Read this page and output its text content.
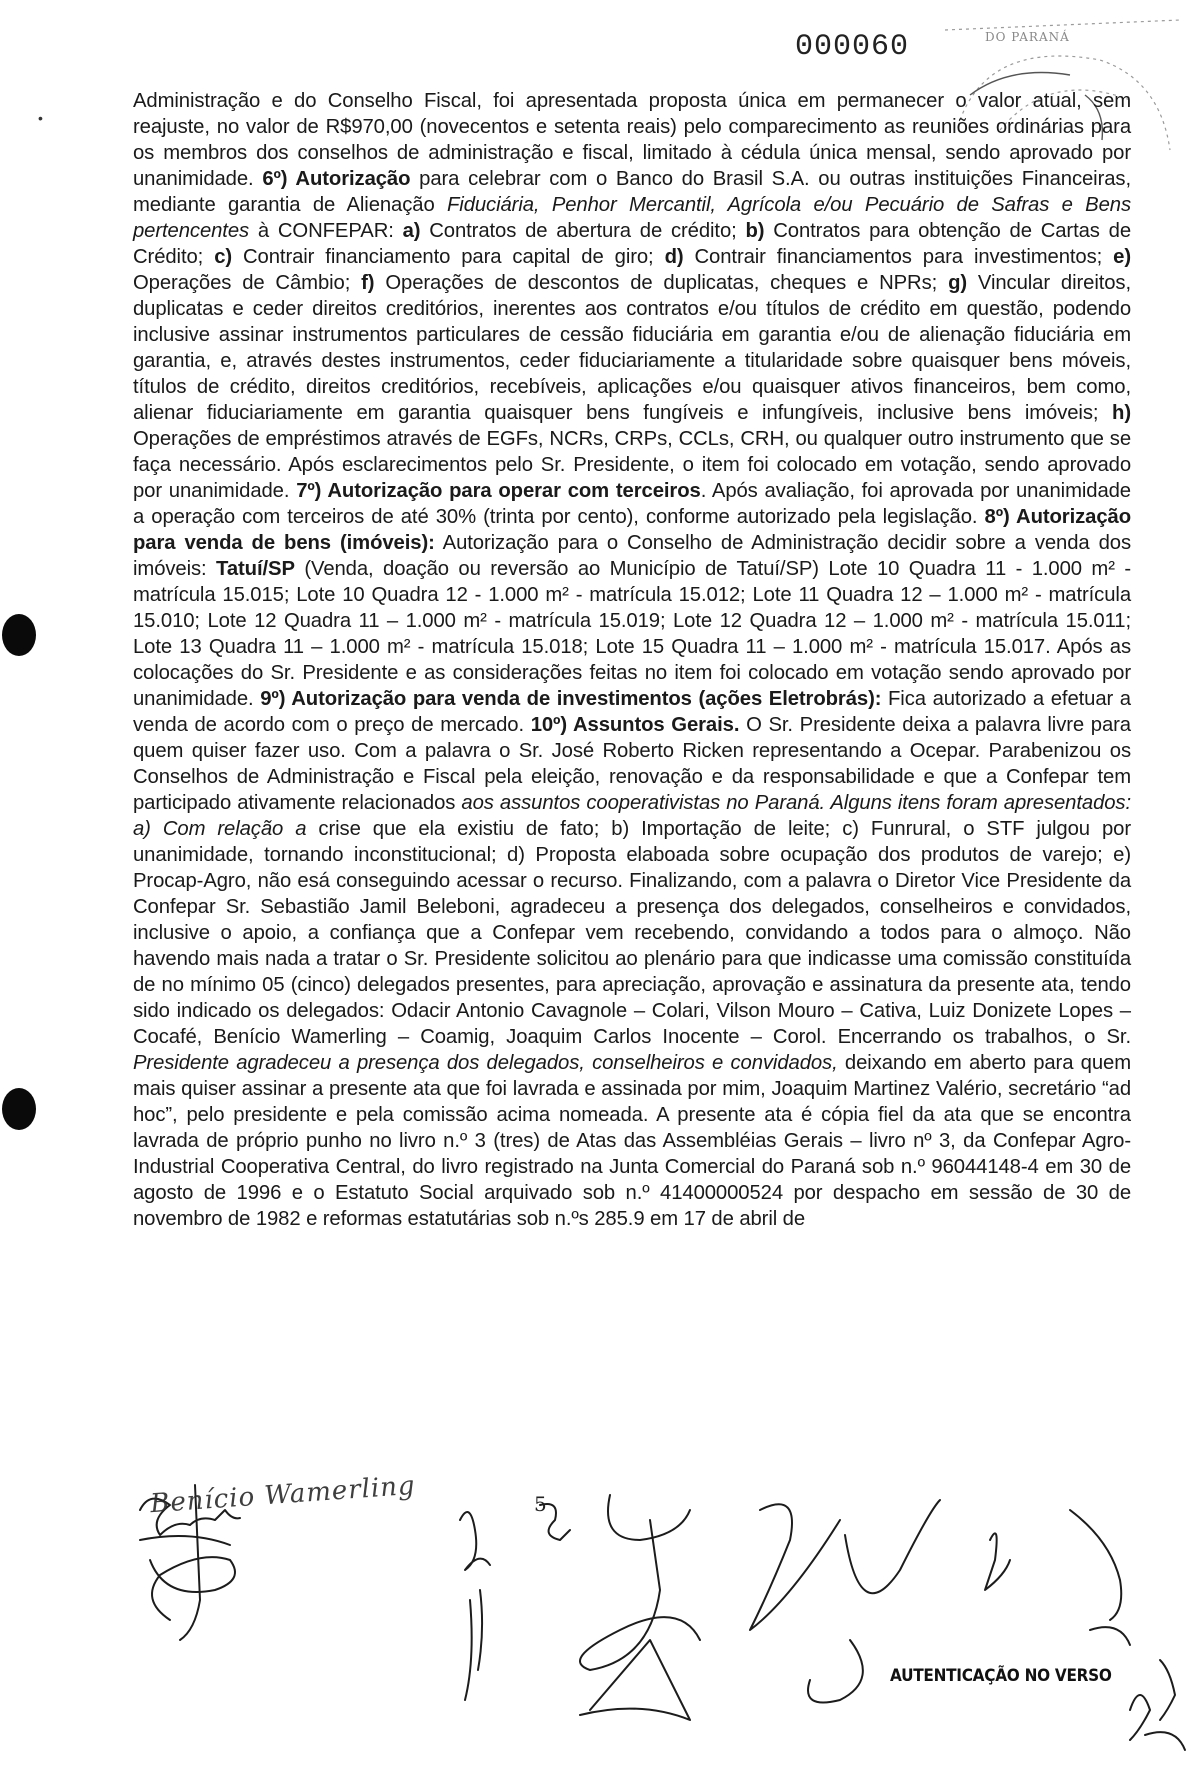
000060	DO PARANÁ
•
Administração e do Conselho Fiscal, foi apresentada proposta única em permanecer o valor atual, sem reajuste, no valor de R$970,00 (novecentos e setenta reais) pelo comparecimento as reuniões ordinárias para os membros dos conselhos de administração e fiscal, limitado à cédula única mensal, sendo aprovado por unanimidade. 6º) Autorização para celebrar com o Banco do Brasil S.A. ou outras instituições Financeiras, mediante garantia de Alienação Fiduciária, Penhor Mercantil, Agrícola e/ou Pecuário de Safras e Bens pertencentes à CONFEPAR: a) Contratos de abertura de crédito; b) Contratos para obtenção de Cartas de Crédito; c) Contrair financiamento para capital de giro; d) Contrair financiamentos para investimentos; e) Operações de Câmbio; f) Operações de descontos de duplicatas, cheques e NPRs; g) Vincular direitos, duplicatas e ceder direitos creditórios, inerentes aos contratos e/ou títulos de crédito em questão, podendo inclusive assinar instrumentos particulares de cessão fiduciária em garantia e/ou de alienação fiduciária em garantia, e, através destes instrumentos, ceder fiduciariamente a titularidade sobre quaisquer bens móveis, títulos de crédito, direitos creditórios, recebíveis, aplicações e/ou quaisquer ativos financeiros, bem como, alienar fiduciariamente em garantia quaisquer bens fungíveis e infungíveis, inclusive bens imóveis; h) Operações de empréstimos através de EGFs, NCRs, CRPs, CCLs, CRH, ou qualquer outro instrumento que se faça necessário. Após esclarecimentos pelo Sr. Presidente, o item foi colocado em votação, sendo aprovado por unanimidade. 7º) Autorização para operar com terceiros. Após avaliação, foi aprovada por unanimidade a operação com terceiros de até 30% (trinta por cento), conforme autorizado pela legislação. 8º) Autorização para venda de bens (imóveis): Autorização para o Conselho de Administração decidir sobre a venda dos imóveis: Tatuí/SP (Venda, doação ou reversão ao Município de Tatuí/SP) Lote 10 Quadra 11 - 1.000 m² - matrícula 15.015; Lote 10 Quadra 12 - 1.000 m² - matrícula 15.012; Lote 11 Quadra 12 – 1.000 m² - matrícula 15.010; Lote 12 Quadra 11 – 1.000 m² - matrícula 15.019; Lote 12 Quadra 12 – 1.000 m² - matrícula 15.011; Lote 13 Quadra 11 – 1.000 m² - matrícula 15.018; Lote 15 Quadra 11 – 1.000 m² - matrícula 15.017. Após as colocações do Sr. Presidente e as considerações feitas no item foi colocado em votação sendo aprovado por unanimidade. 9º) Autorização para venda de investimentos (ações Eletrobrás): Fica autorizado a efetuar a venda de acordo com o preço de mercado. 10º) Assuntos Gerais. O Sr. Presidente deixa a palavra livre para quem quiser fazer uso. Com a palavra o Sr. José Roberto Ricken representando a Ocepar. Parabenizou os Conselhos de Administração e Fiscal pela eleição, renovação e da responsabilidade e que a Confepar tem participado ativamente relacionados aos assuntos cooperativistas no Paraná. Alguns itens foram apresentados: a) Com relação a crise que ela existiu de fato; b) Importação de leite; c) Funrural, o STF julgou por unanimidade, tornando inconstitucional; d) Proposta elaboada sobre ocupação dos produtos de varejo; e) Procap-Agro, não esá conseguindo acessar o recurso. Finalizando, com a palavra o Diretor Vice Presidente da Confepar Sr. Sebastião Jamil Beleboni, agradeceu a presença dos delegados, conselheiros e convidados, inclusive o apoio, a confiança que a Confepar vem recebendo, convidando a todos para o almoço. Não havendo mais nada a tratar o Sr. Presidente solicitou ao plenário para que indicasse uma comissão constituída de no mínimo 05 (cinco) delegados presentes, para apreciação, aprovação e assinatura da presente ata, tendo sido indicado os delegados: Odacir Antonio Cavagnole – Colari, Vilson Mouro – Cativa, Luiz Donizete Lopes – Cocafé, Benício Wamerling – Coamig, Joaquim Carlos Inocente – Corol. Encerrando os trabalhos, o Sr. Presidente agradeceu a presença dos delegados, conselheiros e convidados, deixando em aberto para quem mais quiser assinar a presente ata que foi lavrada e assinada por mim, Joaquim Martinez Valério, secretário “ad hoc”, pelo presidente e pela comissão acima nomeada. A presente ata é cópia fiel da ata que se encontra lavrada de próprio punho no livro n.º 3 (tres) de Atas das Assembléias Gerais – livro nº 3, da Confepar Agro-Industrial Cooperativa Central, do livro registrado na Junta Comercial do Paraná sob n.º 96044148-4 em 30 de agosto de 1996 e o Estatuto Social arquivado sob n.º 41400000524 por despacho em sessão de 30 de novembro de 1982 e reformas estatutárias sob n.ºs 285.9 em 17 de abril de
Benício Wamerling	5
AUTENTICAÇÃO NO VERSO
